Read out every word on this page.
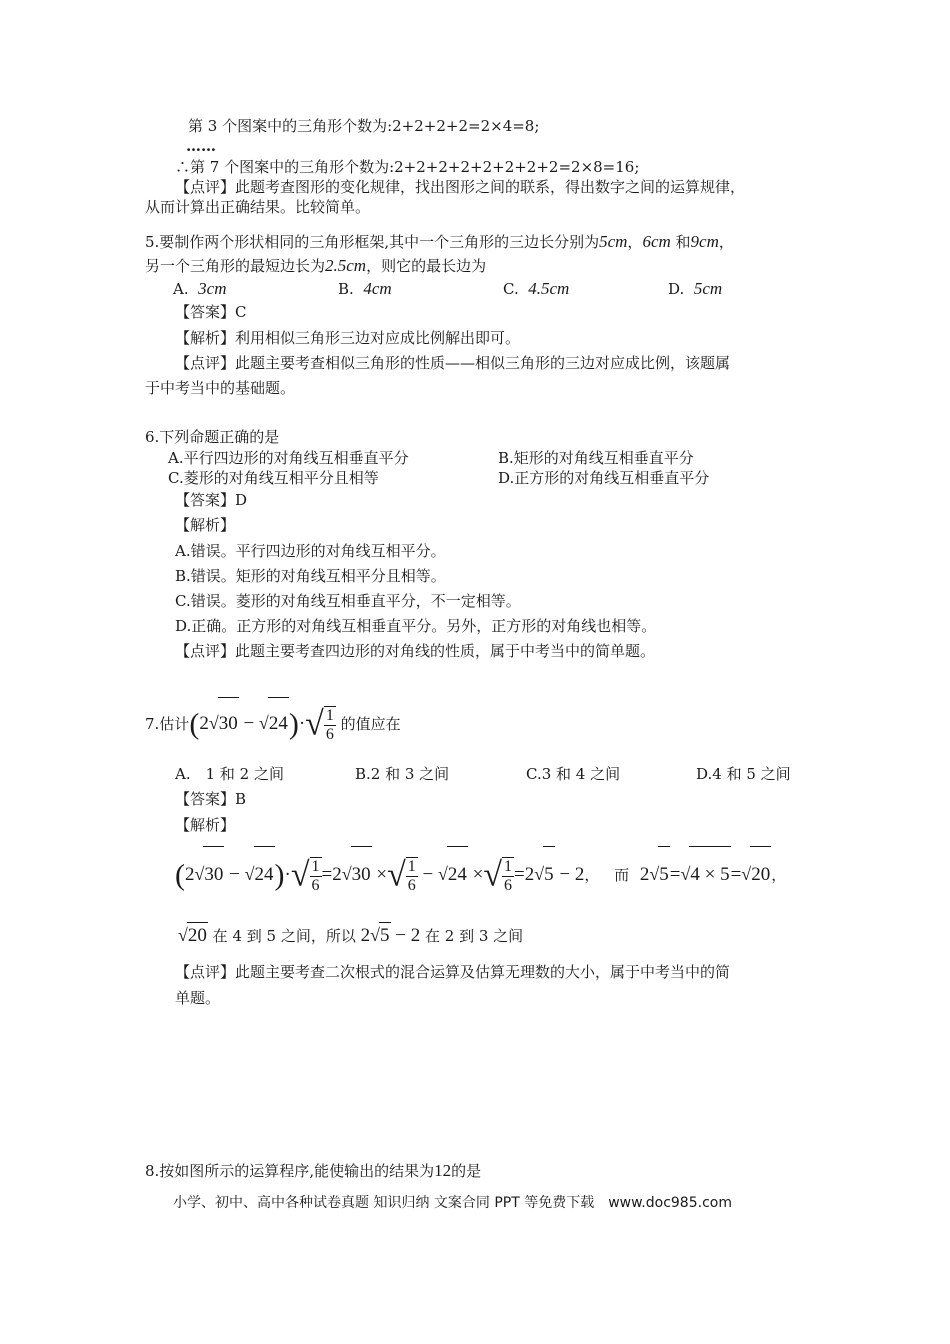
第 3 个图案中的三角形个数为:2+2+2+2=2×4=8;
……
∴第 7 个图案中的三角形个数为:2+2+2+2+2+2+2+2=2×8=16;
【点评】此题考查图形的变化规律，找出图形之间的联系，得出数字之间的运算规律，
从而计算出正确结果。比较简单。
5.要制作两个形状相同的三角形框架,其中一个三角形的三边长分别为5cm，6cm 和9cm，
另一个三角形的最短边长为2.5cm，则它的最长边为
A. 3cm	B. 4cm	C. 4.5cm	D. 5cm
【答案】C
【解析】利用相似三角形三边对应成比例解出即可。
【点评】此题主要考查相似三角形的性质——相似三角形的三边对应成比例，该题属
于中考当中的基础题。
6.下列命题正确的是
A.平行四边形的对角线互相垂直平分	B.矩形的对角线互相垂直平分
C.菱形的对角线互相平分且相等	D.正方形的对角线互相垂直平分
【答案】D
【解析】
A.错误。平行四边形的对角线互相平分。
B.错误。矩形的对角线互相平分且相等。
C.错误。菱形的对角线互相垂直平分，不一定相等。
D.正确。正方形的对角线互相垂直平分。另外，正方形的对角线也相等。
【点评】此题主要考查四边形的对角线的性质，属于中考当中的简单题。
7.估计$(2√30 - √24)\cdot√ \frac{1}{6}$ 的值应在
A.　1 和 2 之间	B.2 和 3 之间	C.3 和 4 之间	D.4 和 5 之间
【答案】B
【解析】
$(2√30 - √24)\cdot√ \frac{1}{6} =2√30$ ×√ $\frac{1}{6} - √24$ ×√ $\frac{1}{6} =2√5 - 2$， 而 2√5=√4 × 5=√20，
√20 在 4 到 5 之间，所以 2√5 − 2 在 2 到 3 之间
【点评】此题主要考查二次根式的混合运算及估算无理数的大小，属于中考当中的简
单题。
8.按如图所示的运算程序,能使输出的结果为12的是
小学、初中、高中各种试卷真题 知识归纳 文案合同 PPT 等免费下载　www.doc985.com
